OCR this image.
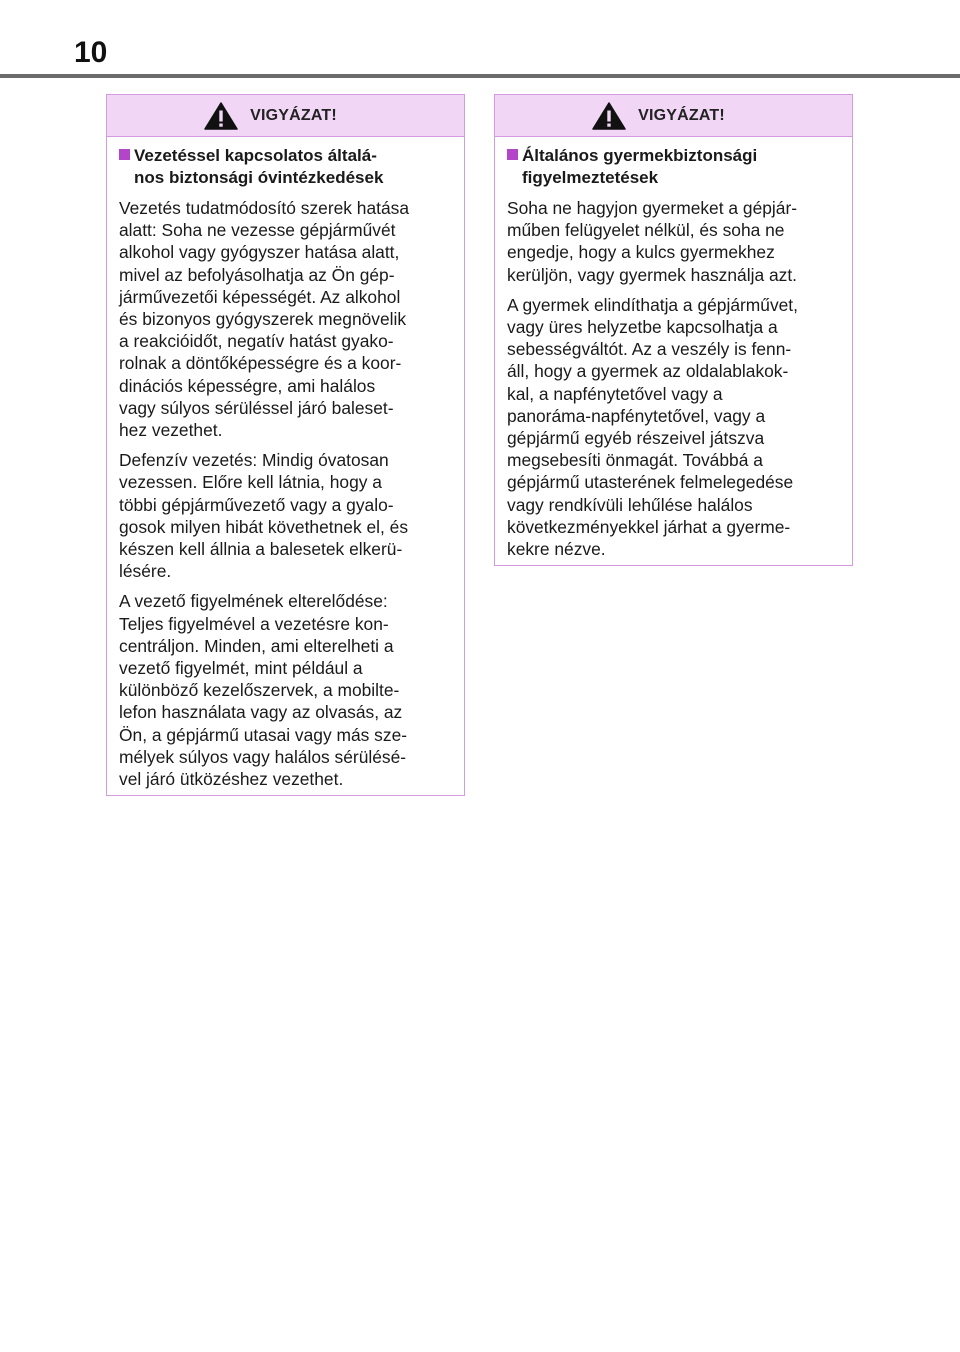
10
VIGYÁZAT!
Vezetéssel kapcsolatos általá-
nos biztonsági óvintézkedések

Vezetés tudatmódosító szerek hatása
alatt: Soha ne vezesse gépjárművét
alkohol vagy gyógyszer hatása alatt,
mivel az befolyásolhatja az Ön gép-
járművezetői képességét. Az alkohol
és bizonyos gyógyszerek megnövelik
a reakcióidőt, negatív hatást gyako-
rolnak a döntőképességre és a koor-
dinációs képességre, ami halálos
vagy súlyos sérüléssel járó baleset-
hez vezethet.

Defenzív vezetés: Mindig óvatosan
vezessen. Előre kell látnia, hogy a
többi gépjárművezető vagy a gyalo-
gosok milyen hibát követhetnek el, és
készen kell állnia a balesetek elkerü-
lésére.

A vezető figyelmének elterelődése:
Teljes figyelmével a vezetésre kon-
centráljon. Minden, ami elterelheti a
vezető figyelmét, mint például a
különböző kezelőszervek, a mobilte-
lefon használata vagy az olvasás, az
Ön, a gépjármű utasai vagy más sze-
mélyek súlyos vagy halálos sérülésé-
vel járó ütközéshez vezethet.

VIGYÁZAT!
Általános gyermekbiztonsági
figyelmeztetések

Soha ne hagyjon gyermeket a gépjár-
műben felügyelet nélkül, és soha ne
engedje, hogy a kulcs gyermekhez
kerüljön, vagy gyermek használja azt.

A gyermek elindíthatja a gépjárművet,
vagy üres helyzetbe kapcsolhatja a
sebességváltót. Az a veszély is fenn-
áll, hogy a gyermek az oldalablakok-
kal, a napfénytetővel vagy a
panoráma-napfénytetővel, vagy a
gépjármű egyéb részeivel játszva
megsebesíti önmagát. Továbbá a
gépjármű utasterének felmelegedése
vagy rendkívüli lehűlése halálos
következményekkel járhat a gyerme-
kekre nézve.
